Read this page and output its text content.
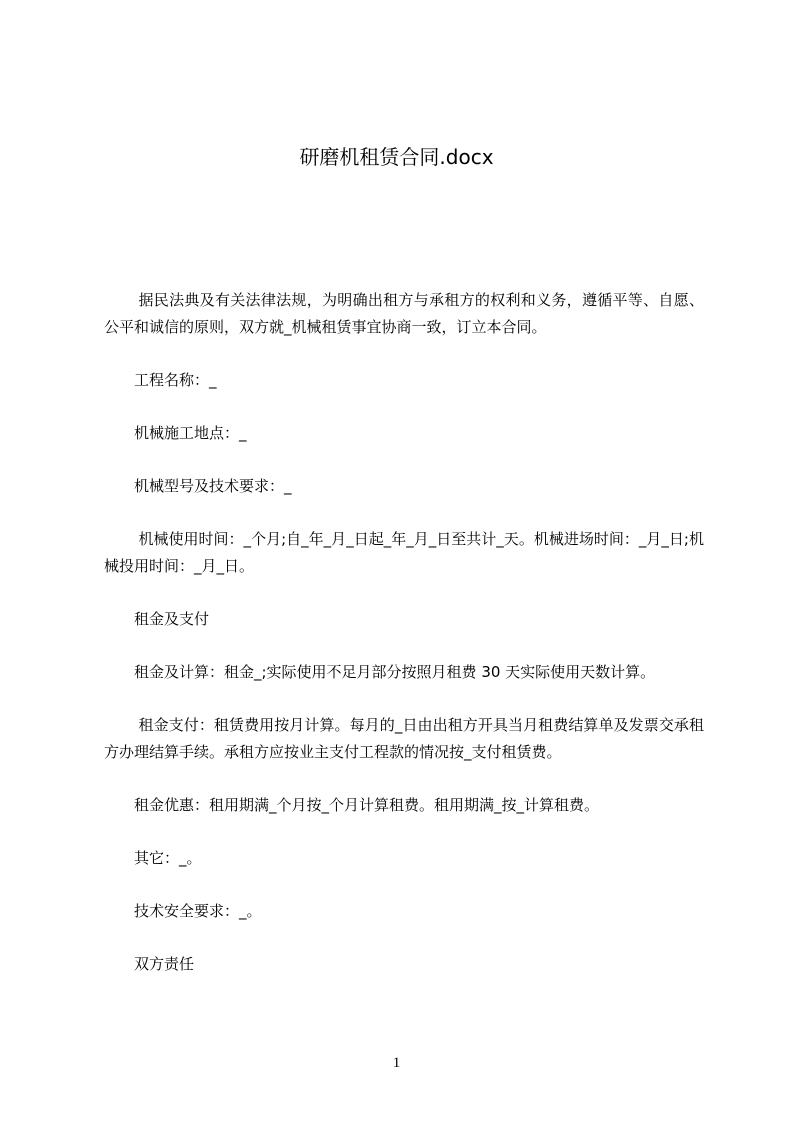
研磨机租赁合同.docx

据民法典及有关法律法规，为明确出租方与承租方的权利和义务，遵循平等、自愿、公平和诚信的原则，双方就_机械租赁事宜协商一致，订立本合同。

工程名称：_

机械施工地点：_

机械型号及技术要求：_

机械使用时间：_个月;自_年_月_日起_年_月_日至共计_天。机械进场时间：_月_日;机械投用时间：_月_日。

租金及支付

租金及计算：租金_;实际使用不足月部分按照月租费 30 天实际使用天数计算。

租金支付：租赁费用按月计算。每月的_日由出租方开具当月租费结算单及发票交承租方办理结算手续。承租方应按业主支付工程款的情况按_支付租赁费。

租金优惠：租用期满_个月按_个月计算租费。租用期满_按_计算租费。

其它：_。

技术安全要求：_。

双方责任

1
